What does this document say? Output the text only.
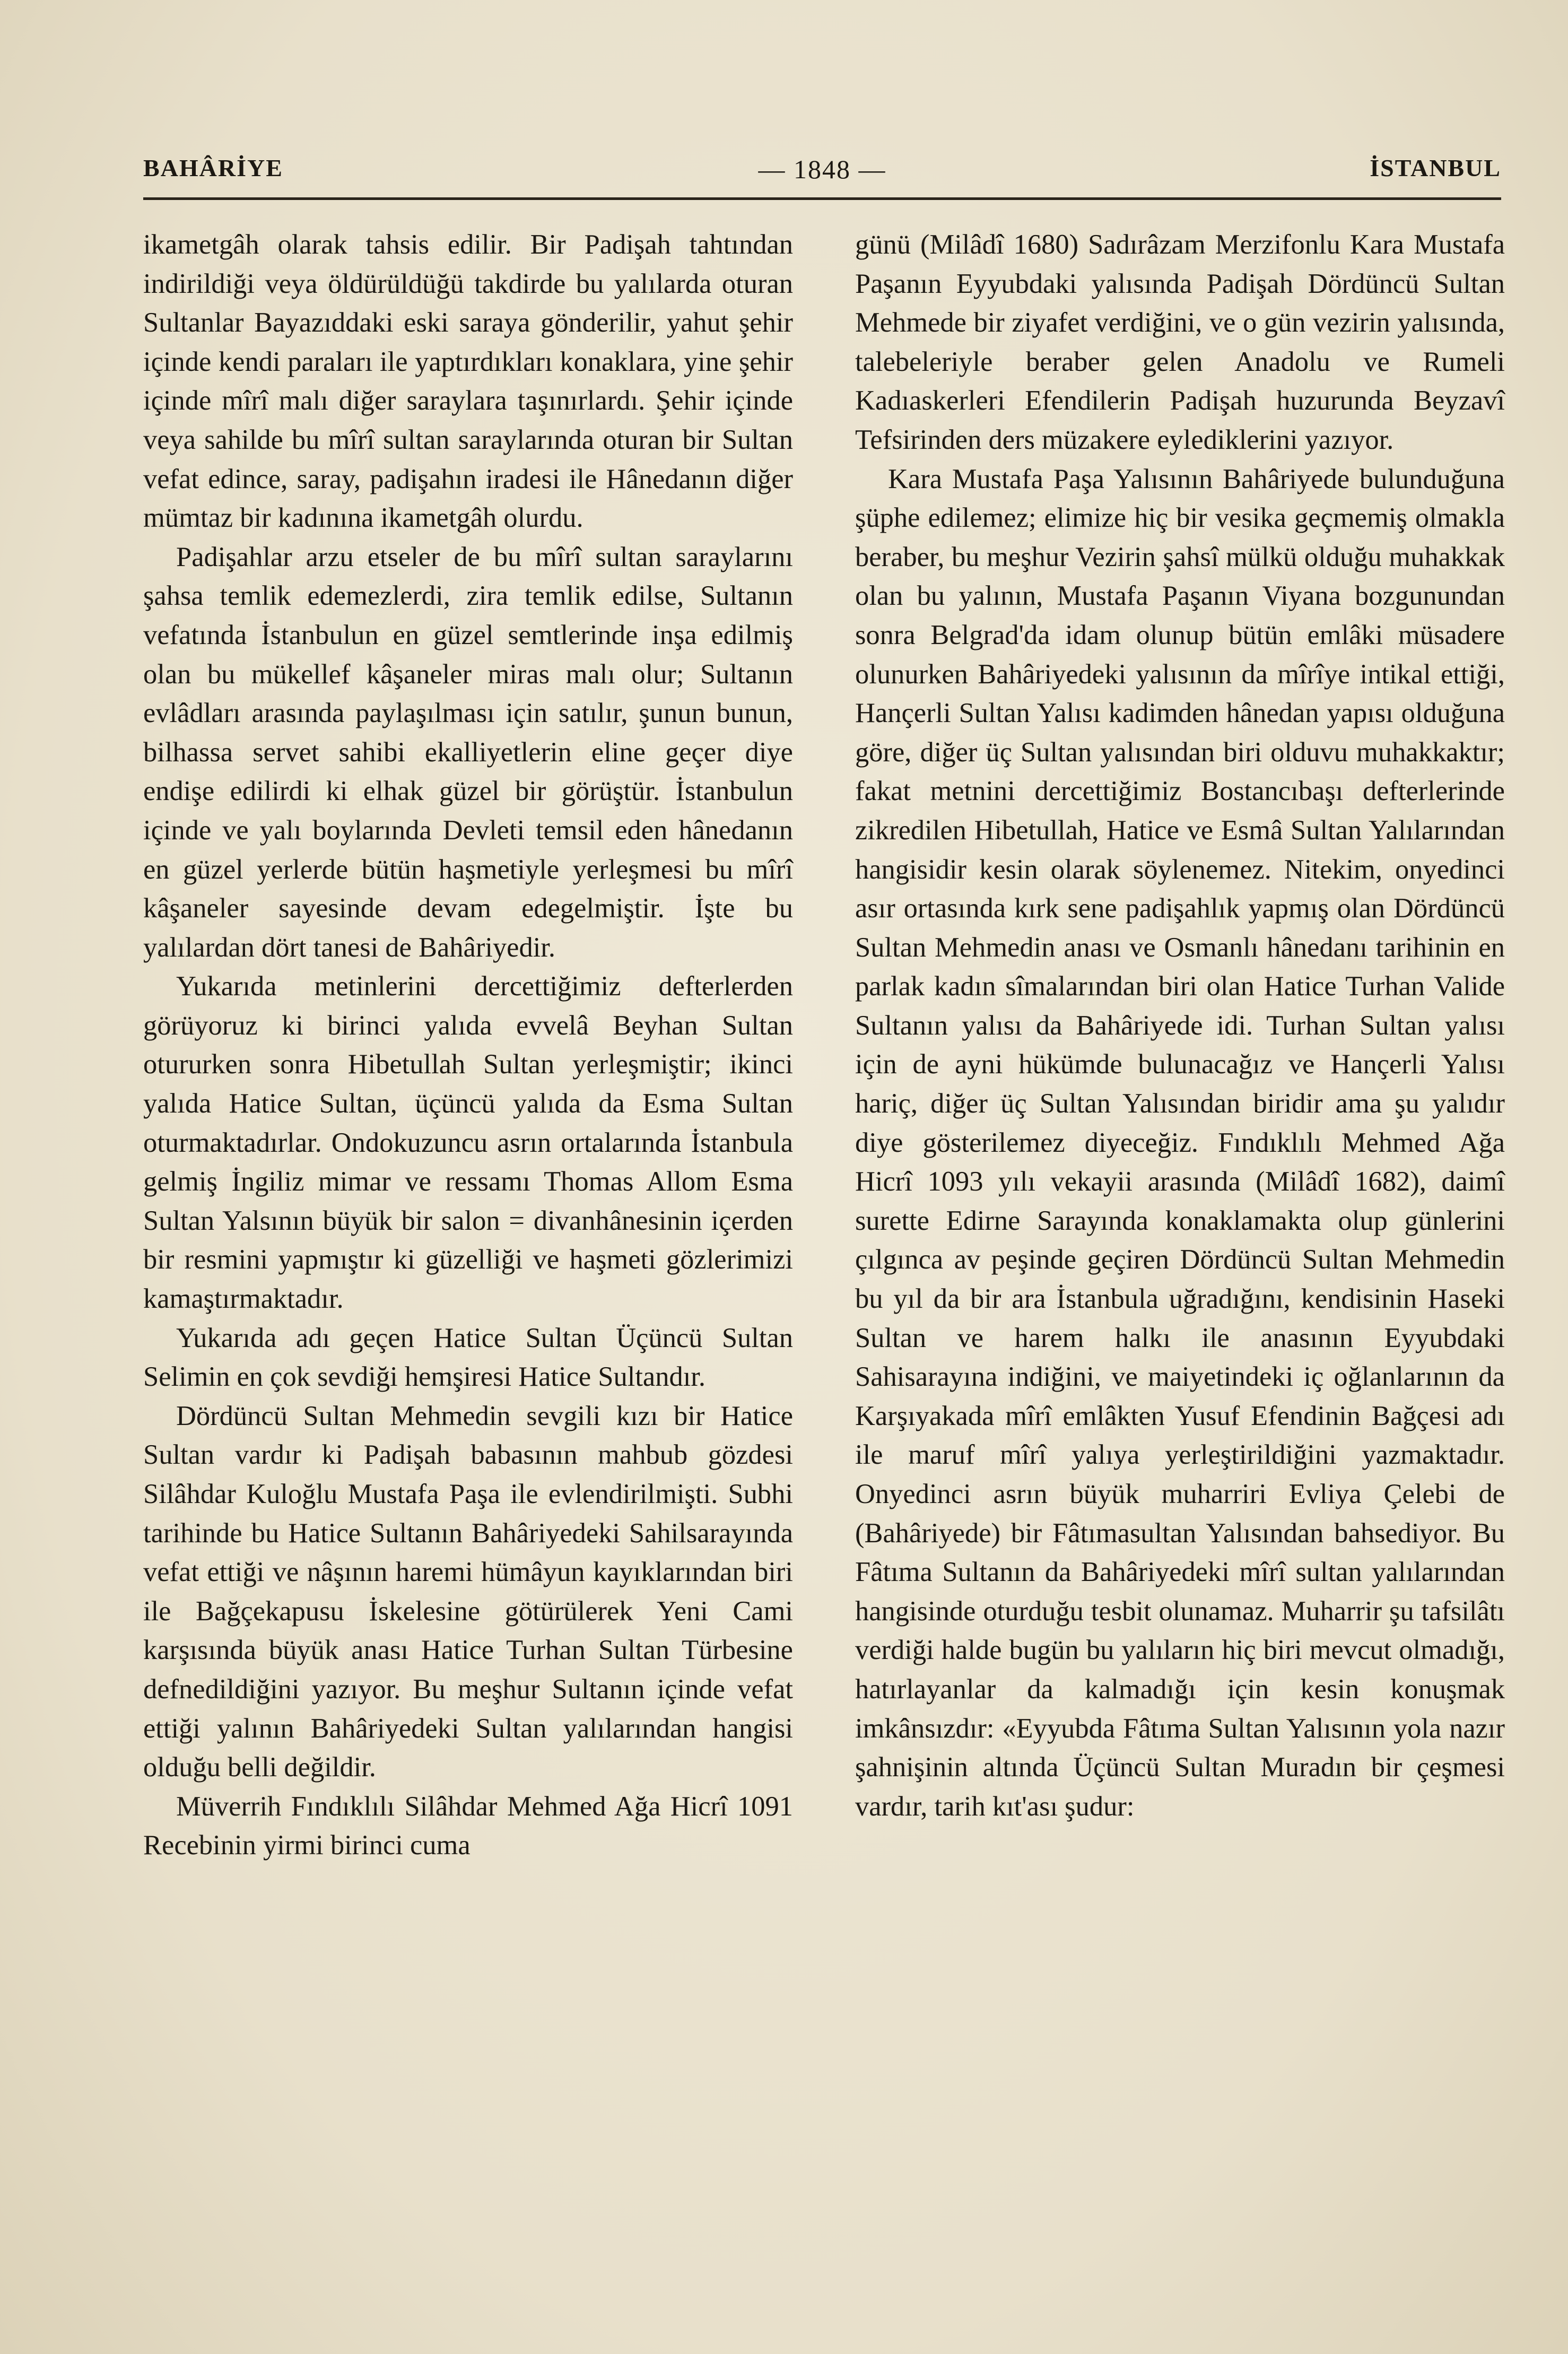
BAHÂRİYE	— 1848 —	İSTANBUL

ikametgâh olarak tahsis edilir. Bir Padişah tahtından indirildiği veya öldürüldüğü takdirde bu yalılarda oturan Sultanlar Bayazıddaki eski saraya gönderilir, yahut şehir içinde kendi paraları ile yaptırdıkları konaklara, yine şehir içinde mîrî malı diğer saraylara taşınırlardı. Şehir içinde veya sahilde bu mîrî sultan saraylarında oturan bir Sultan vefat edince, saray, padişahın iradesi ile Hânedanın diğer mümtaz bir kadınına ikametgâh olurdu.

Padişahlar arzu etseler de bu mîrî sultan saraylarını şahsa temlik edemezlerdi, zira temlik edilse, Sultanın vefatında İstanbulun en güzel semtlerinde inşa edilmiş olan bu mükellef kâşaneler miras malı olur; Sultanın evlâdları arasında paylaşılması için satılır, şunun bunun, bilhassa servet sahibi ekalliyetlerin eline geçer diye endişe edilirdi ki elhak güzel bir görüştür. İstanbulun içinde ve yalı boylarında Devleti temsil eden hânedanın en güzel yerlerde bütün haşmetiyle yerleşmesi bu mîrî kâşaneler sayesinde devam edegelmiştir. İşte bu yalılardan dört tanesi de Bahâriyedir.

Yukarıda metinlerini dercettiğimiz defterlerden görüyoruz ki birinci yalıda evvelâ Beyhan Sultan otururken sonra Hibetullah Sultan yerleşmiştir; ikinci yalıda Hatice Sultan, üçüncü yalıda da Esma Sultan oturmaktadırlar. Ondokuzuncu asrın ortalarında İstanbula gelmiş İngiliz mimar ve ressamı Thomas Allom Esma Sultan Yalsının büyük bir salon = divanhânesinin içerden bir resmini yapmıştır ki güzelliği ve haşmeti gözlerimizi kamaştırmaktadır.

Yukarıda adı geçen Hatice Sultan Üçüncü Sultan Selimin en çok sevdiği hemşiresi Hatice Sultandır.

Dördüncü Sultan Mehmedin sevgili kızı bir Hatice Sultan vardır ki Padişah babasının mahbub gözdesi Silâhdar Kuloğlu Mustafa Paşa ile evlendirilmişti. Subhi tarihinde bu Hatice Sultanın Bahâriyedeki Sahilsarayında vefat ettiği ve nâşının haremi hümâyun kayıklarından biri ile Bağçekapusu İskelesine götürülerek Yeni Cami karşısında büyük anası Hatice Turhan Sultan Türbesine defnedildiğini yazıyor. Bu meşhur Sultanın içinde vefat ettiği yalının Bahâriyedeki Sultan yalılarından hangisi olduğu belli değildir.

Müverrih Fındıklılı Silâhdar Mehmed Ağa Hicrî 1091 Recebinin yirmi birinci cuma

günü (Milâdî 1680) Sadırâzam Merzifonlu Kara Mustafa Paşanın Eyyubdaki yalısında Padişah Dördüncü Sultan Mehmede bir ziyafet verdiğini, ve o gün vezirin yalısında, talebeleriyle beraber gelen Anadolu ve Rumeli Kadıaskerleri Efendilerin Padişah huzurunda Beyzavî Tefsirinden ders müzakere eylediklerini yazıyor.

Kara Mustafa Paşa Yalısının Bahâriyede bulunduğuna şüphe edilemez; elimize hiç bir vesika geçmemiş olmakla beraber, bu meşhur Vezirin şahsî mülkü olduğu muhakkak olan bu yalının, Mustafa Paşanın Viyana bozgunundan sonra Belgrad'da idam olunup bütün emlâki müsadere olunurken Bahâriyedeki yalısının da mîrîye intikal ettiği, Hançerli Sultan Yalısı kadimden hânedan yapısı olduğuna göre, diğer üç Sultan yalısından biri olduvu muhakkaktır; fakat metnini dercettiğimiz Bostancıbaşı defterlerinde zikredilen Hibetullah, Hatice ve Esmâ Sultan Yalılarından hangisidir kesin olarak söylenemez. Nitekim, onyedinci asır ortasında kırk sene padişahlık yapmış olan Dördüncü Sultan Mehmedin anası ve Osmanlı hânedanı tarihinin en parlak kadın sîmalarından biri olan Hatice Turhan Valide Sultanın yalısı da Bahâriyede idi. Turhan Sultan yalısı için de ayni hükümde bulunacağız ve Hançerli Yalısı hariç, diğer üç Sultan Yalısından biridir ama şu yalıdır diye gösterilemez diyeceğiz. Fındıklılı Mehmed Ağa Hicrî 1093 yılı vekayii arasında (Milâdî 1682), daimî surette Edirne Sarayında konaklamakta olup günlerini çılgınca av peşinde geçiren Dördüncü Sultan Mehmedin bu yıl da bir ara İstanbula uğradığını, kendisinin Haseki Sultan ve harem halkı ile anasının Eyyubdaki Sahisarayına indiğini, ve maiyetindeki iç oğlanlarının da Karşıyakada mîrî emlâkten Yusuf Efendinin Bağçesi adı ile maruf mîrî yalıya yerleştirildiğini yazmaktadır. Onyedinci asrın büyük muharriri Evliya Çelebi de (Bahâriyede) bir Fâtımasultan Yalısından bahsediyor. Bu Fâtıma Sultanın da Bahâriyedeki mîrî sultan yalılarından hangisinde oturduğu tesbit olunamaz. Muharrir şu tafsilâtı verdiği halde bugün bu yalıların hiç biri mevcut olmadığı, hatırlayanlar da kalmadığı için kesin konuşmak imkânsızdır: «Eyyubda Fâtıma Sultan Yalısının yola nazır şahnişinin altında Üçüncü Sultan Muradın bir çeşmesi vardır, tarih kıt'ası şudur:
